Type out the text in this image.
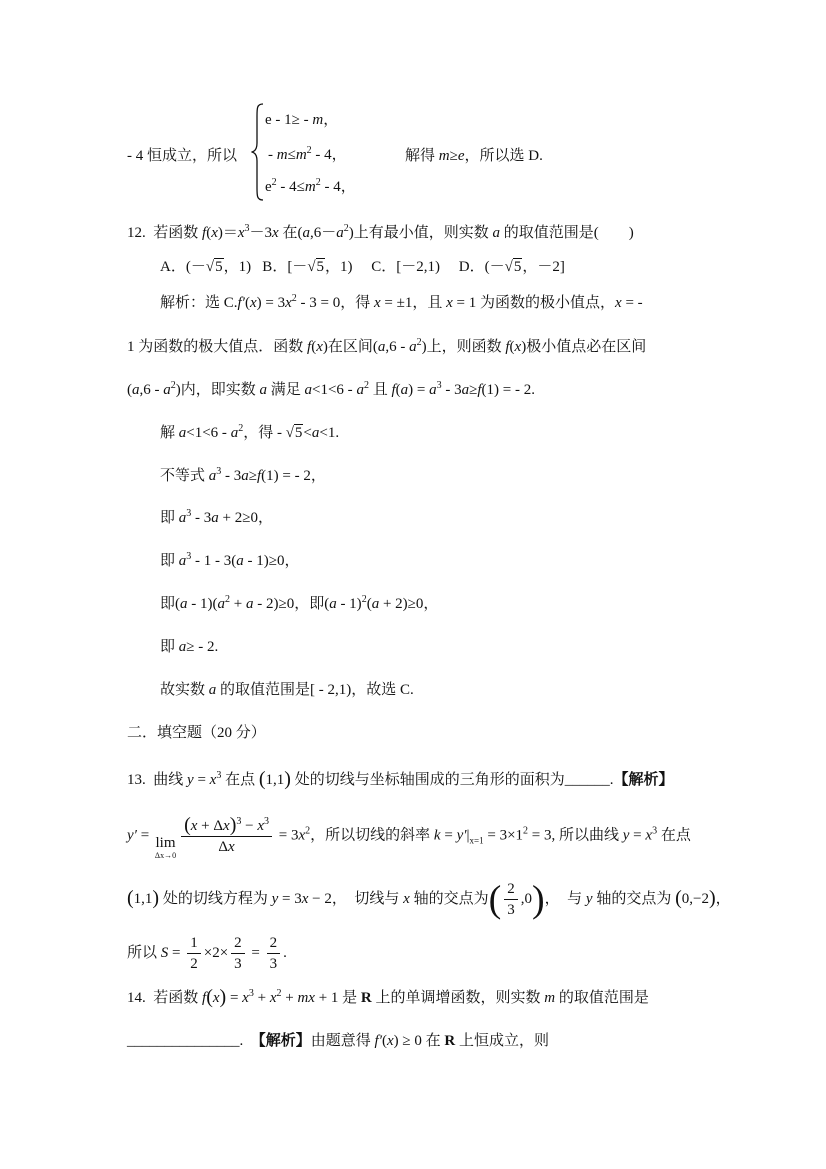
- 4 恒成立，所以
e - 1≥ - m，
- $m\le m^2 - 4$，
$e^2 - 4\le m^2 - 4$，
解得 m≥e，所以选 D.
12.  若函数 $f(x)=x^3-3x$ 在$(a,6-a^2)$上有最小值，则实数 a 的取值范围是(        )
A．(－ √ 5，1)   B．[－ √ 5，1)     C．[－2,1)     D．(－ √ 5，－2]
解析：选 $C.f'(x) = 3x^2 - 3 = 0$，得 x = ±1，且 x = 1 为函数的极小值点，x = -
1 为函数的极大值点．函数 f(x)在区间$(a,6 - a^2)$上，则函数 f(x)极小值点必在区间
$(a,6 - a^2)$内，即实数 a 满足 $a<1<6 - a^2$ 且 $f(a) = a^3 - 3a\ge f(1)$ = - 2.
解 $a<1<6 - a^2$，得 - √ 5<a<1.
不等式 $a^3 - 3a\ge f(1)$ = - 2，
即 $a^3 - 3a + 2\ge 0$，
即 $a^3 - 1 - 3(a - 1)\ge 0$，
即$(a - 1)(a^2 + a - 2)\ge 0$，即(a - 1)$^2$(a + 2)≥0，
即 a≥ - 2.
故实数 a 的取值范围是[ - 2,1)，故选 C.
二．填空题（20 分）
13.  曲线 $y = x^3$ 在点 (1,1) 处的切线与坐标轴围成的三角形的面积为______.【解析】
y′ = lim
$\Delta x\to 0 \frac{(x + \Delta x)^3 - x^3}{\Delta x} = 3x^2$，所以切线的斜率 $k = y'|_{x=1} = 3\times 1^2 = 3$, 所以曲线 $y = x^3$ 在点
(1,1) 处的切线方程为 y = 3x − 2，  切线与 x 轴的交点为( $\frac{2}{3} ,0$)，  与 y 轴的交点为 (0,−2)，
所以 $S = \frac{1}{2} \times 2\times \frac{2}{3} = \frac{2}{3}$ .
14.  若函数 $f(x) = x^3 + x^2$ + mx + 1 是 R 上的单调增函数，则实数 m 的取值范围是
_______________.  【解析】由题意得 f′(x) ≥ 0 在 R 上恒成立，则
